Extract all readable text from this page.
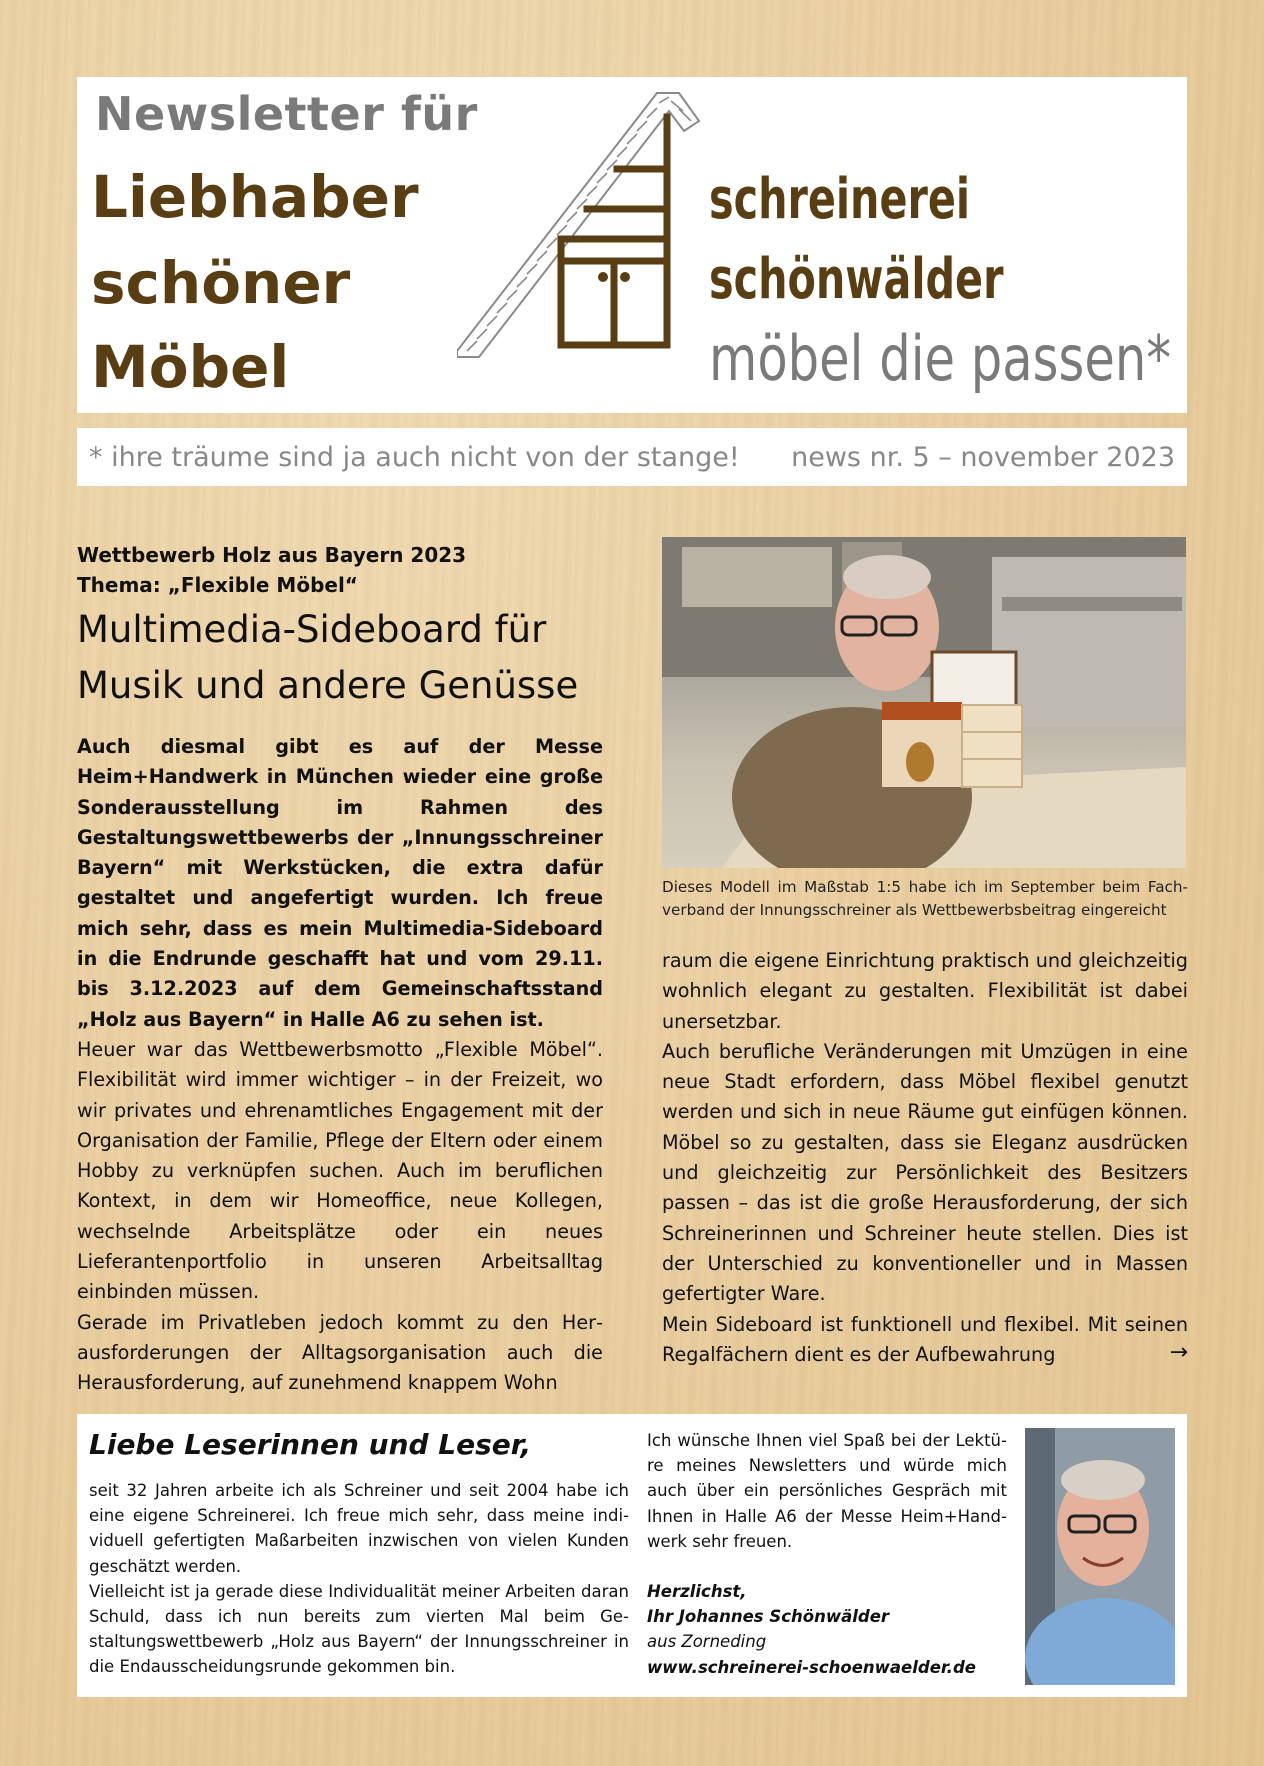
Newsletter für
Liebhaber
schöner
Möbel
schreinerei
schönwälder
möbel die passen*
* ihre träume sind ja auch nicht von der stange! news nr. 5 – november 2023
Wettbewerb Holz aus Bayern 2023
Thema: „Flexible Möbel“
Multimedia-Sideboard für Musik und andere Genüsse

Auch diesmal gibt es auf der Messe Heim+Handwerk in München wieder eine große Sonderausstellung im Rahmen des Gestaltungswettbewerbs der „Innungsschreiner Bayern“ mit Werkstücken, die extra dafür gestaltet und angefertigt wurden. Ich freue mich sehr, dass es mein Multimedia-Sideboard in die Endrunde geschafft hat und vom 29.11. bis 3.12.2023 auf dem Gemeinschaftsstand „Holz aus Bayern“ in Halle A6 zu sehen ist.

Heuer war das Wettbewerbsmotto „Flexible Möbel“. Flexibilität wird immer wichtiger – in der Freizeit, wo wir privates und ehrenamtliches Engagement mit der Organisation der Familie, Pflege der Eltern oder einem Hobby zu verknüpfen suchen. Auch im beruflichen Kontext, in dem wir Homeoffice, neue Kollegen, wechselnde Arbeitsplätze oder ein neues Lieferantenportfolio in unseren Arbeitsalltag einbinden müssen.

Gerade im Privatleben jedoch kommt zu den Herausforderungen der Alltagsorganisation auch die Herausforderung, auf zunehmend knappem Wohn

Dieses Modell im Maßstab 1:5 habe ich im September beim Fachverband der Innungsschreiner als Wettbewerbsbeitrag eingereicht

raum die eigene Einrichtung praktisch und gleichzeitig wohnlich elegant zu gestalten. Flexibilität ist dabei unersetzbar.

Auch berufliche Veränderungen mit Umzügen in eine neue Stadt erfordern, dass Möbel flexibel genutzt werden und sich in neue Räume gut einfügen können. Möbel so zu gestalten, dass sie Eleganz ausdrücken und gleichzeitig zur Persönlichkeit des Besitzers passen – das ist die große Herausforderung, der sich Schreinerinnen und Schreiner heute stellen. Dies ist der Unterschied zu konventioneller und in Massen gefertigter Ware.

Mein Sideboard ist funktionell und flexibel. Mit seinen Regalfächern dient es der Aufbewahrung	→

Liebe Leserinnen und Leser,

seit 32 Jahren arbeite ich als Schreiner und seit 2004 habe ich eine eigene Schreinerei. Ich freue mich sehr, dass meine individuell gefertigten Maßarbeiten inzwischen von vielen Kunden geschätzt werden.

Vielleicht ist ja gerade diese Individualität meiner Arbeiten daran Schuld, dass ich nun bereits zum vierten Mal beim Gestaltungswettbewerb „Holz aus Bayern“ der Innungsschreiner in die Endausscheidungsrunde gekommen bin.

Ich wünsche Ihnen viel Spaß bei der Lektüre meines Newsletters und würde mich auch über ein persönliches Gespräch mit Ihnen in Halle A6 der Messe Heim+Handwerk sehr freuen.

Herzlichst,
Ihr Johannes Schönwälder
aus Zorneding
www.schreinerei-schoenwaelder.de
